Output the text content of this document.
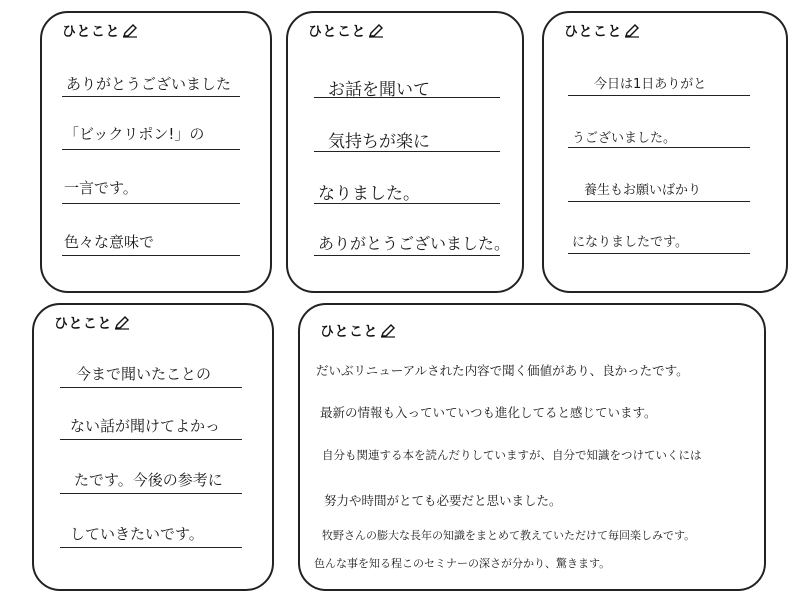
ひとこと
ありがとうございました
「ビックリポン!」の
一言です。
色々な意味で
ひとこと
お話を聞いて
気持ちが楽に
なりました。
ありがとうございました。
ひとこと
今日は1日ありがと
うございました。
養生もお願いばかり
になりましたです。
ひとこと
今まで聞いたことの
ない話が聞けてよかっ
たです。今後の参考に
していきたいです。
ひとこと
だいぶリニューアルされた内容で聞く価値があり、良かったです。
最新の情報も入っていていつも進化してると感じています。
自分も関連する本を読んだりしていますが、自分で知識をつけていくには
努力や時間がとても必要だと思いました。
牧野さんの膨大な長年の知識をまとめて教えていただけて毎回楽しみです。
色んな事を知る程このセミナーの深さが分かり、驚きます。
